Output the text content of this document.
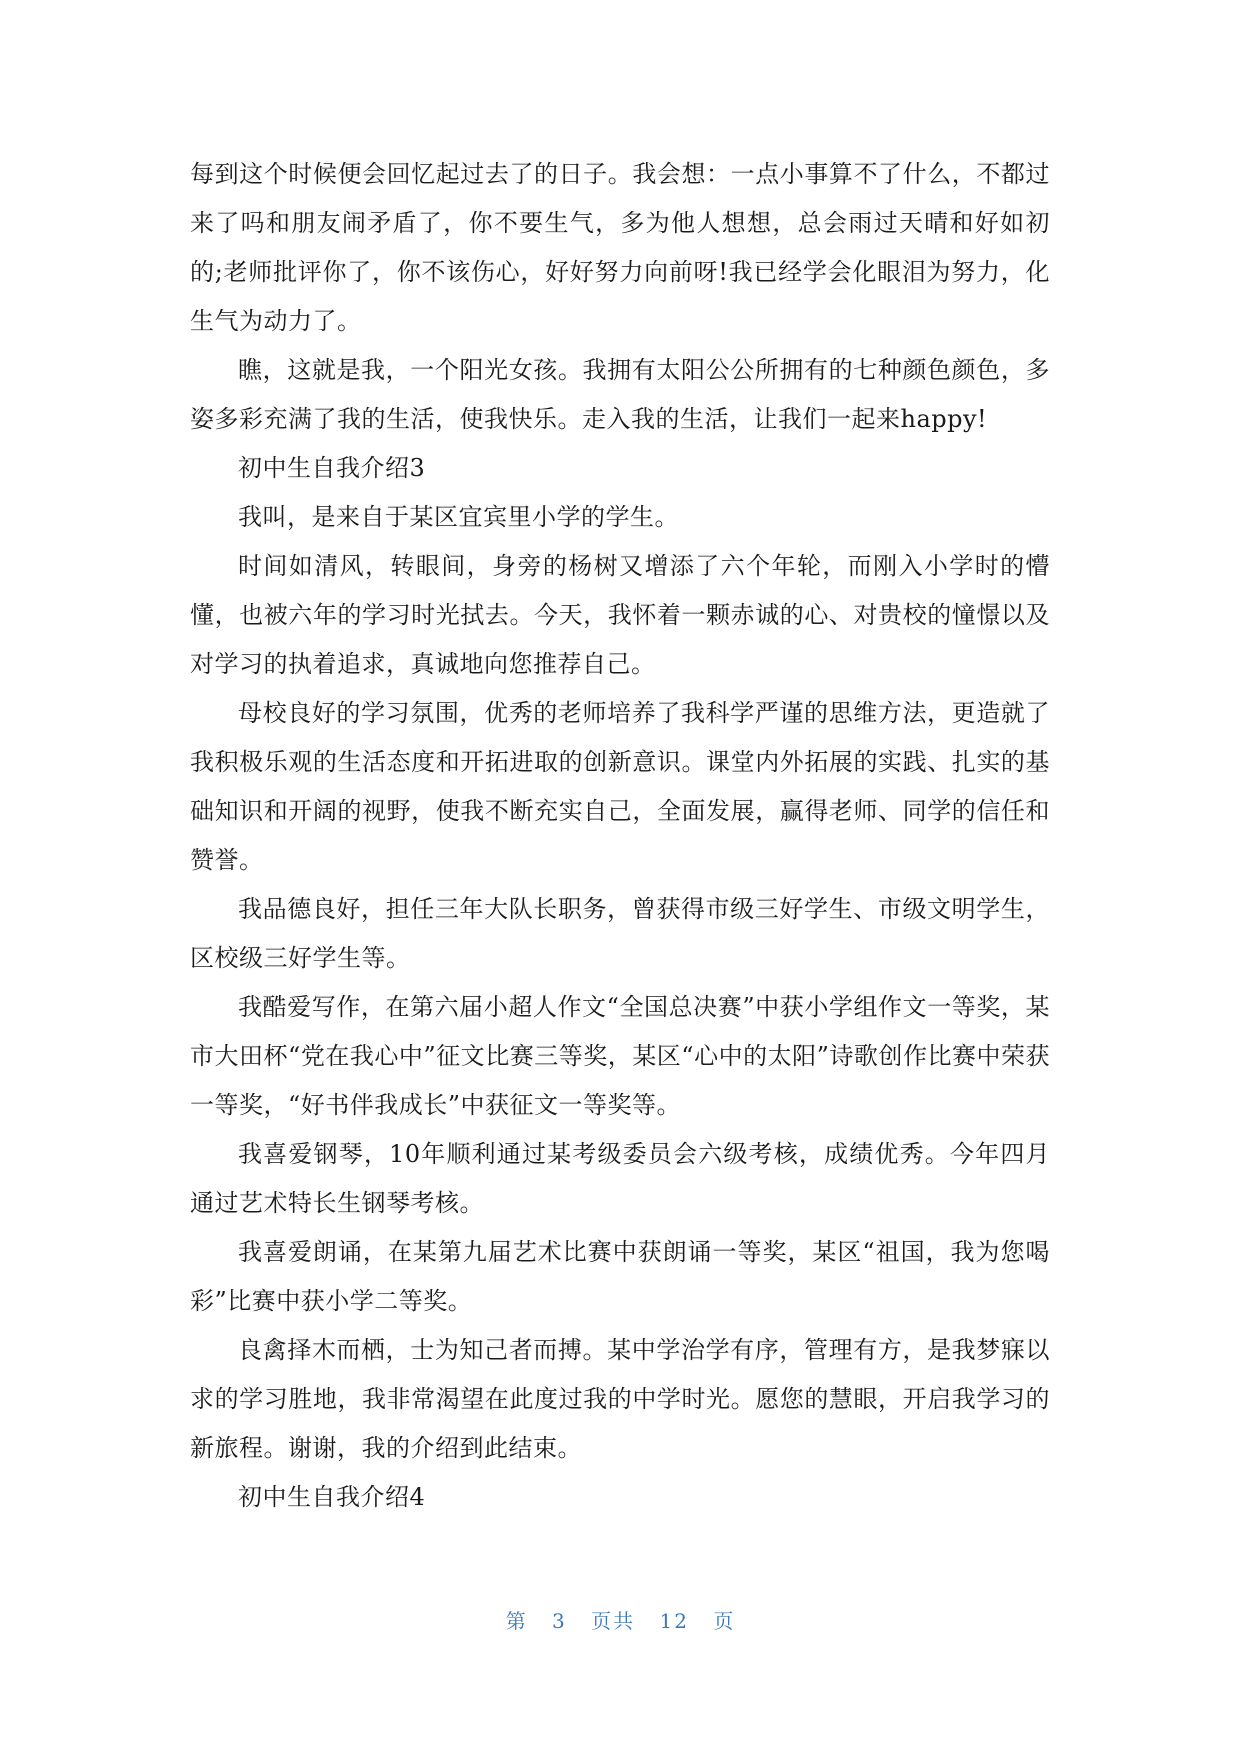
每到这个时候便会回忆起过去了的日子。我会想：一点小事算不了什么，不都过来了吗和朋友闹矛盾了，你不要生气，多为他人想想，总会雨过天晴和好如初的;老师批评你了，你不该伤心，好好努力向前呀!我已经学会化眼泪为努力，化生气为动力了。

瞧，这就是我，一个阳光女孩。我拥有太阳公公所拥有的七种颜色颜色，多姿多彩充满了我的生活，使我快乐。走入我的生活，让我们一起来happy!

初中生自我介绍3

我叫，是来自于某区宜宾里小学的学生。

时间如清风，转眼间，身旁的杨树又增添了六个年轮，而刚入小学时的懵懂，也被六年的学习时光拭去。今天，我怀着一颗赤诚的心、对贵校的憧憬以及对学习的执着追求，真诚地向您推荐自己。

母校良好的学习氛围，优秀的老师培养了我科学严谨的思维方法，更造就了我积极乐观的生活态度和开拓进取的创新意识。课堂内外拓展的实践、扎实的基础知识和开阔的视野，使我不断充实自己，全面发展，赢得老师、同学的信任和赞誉。

我品德良好，担任三年大队长职务，曾获得市级三好学生、市级文明学生，区校级三好学生等。

我酷爱写作，在第六届小超人作文“全国总决赛”中获小学组作文一等奖，某市大田杯“党在我心中”征文比赛三等奖，某区“心中的太阳”诗歌创作比赛中荣获一等奖，“好书伴我成长”中获征文一等奖等。

我喜爱钢琴，10年顺利通过某考级委员会六级考核，成绩优秀。今年四月通过艺术特长生钢琴考核。

我喜爱朗诵，在某第九届艺术比赛中获朗诵一等奖，某区“祖国，我为您喝彩”比赛中获小学二等奖。

良禽择木而栖，士为知己者而搏。某中学治学有序，管理有方，是我梦寐以求的学习胜地，我非常渴望在此度过我的中学时光。愿您的慧眼，开启我学习的新旅程。谢谢，我的介绍到此结束。

初中生自我介绍4

第 3 页共 12 页
